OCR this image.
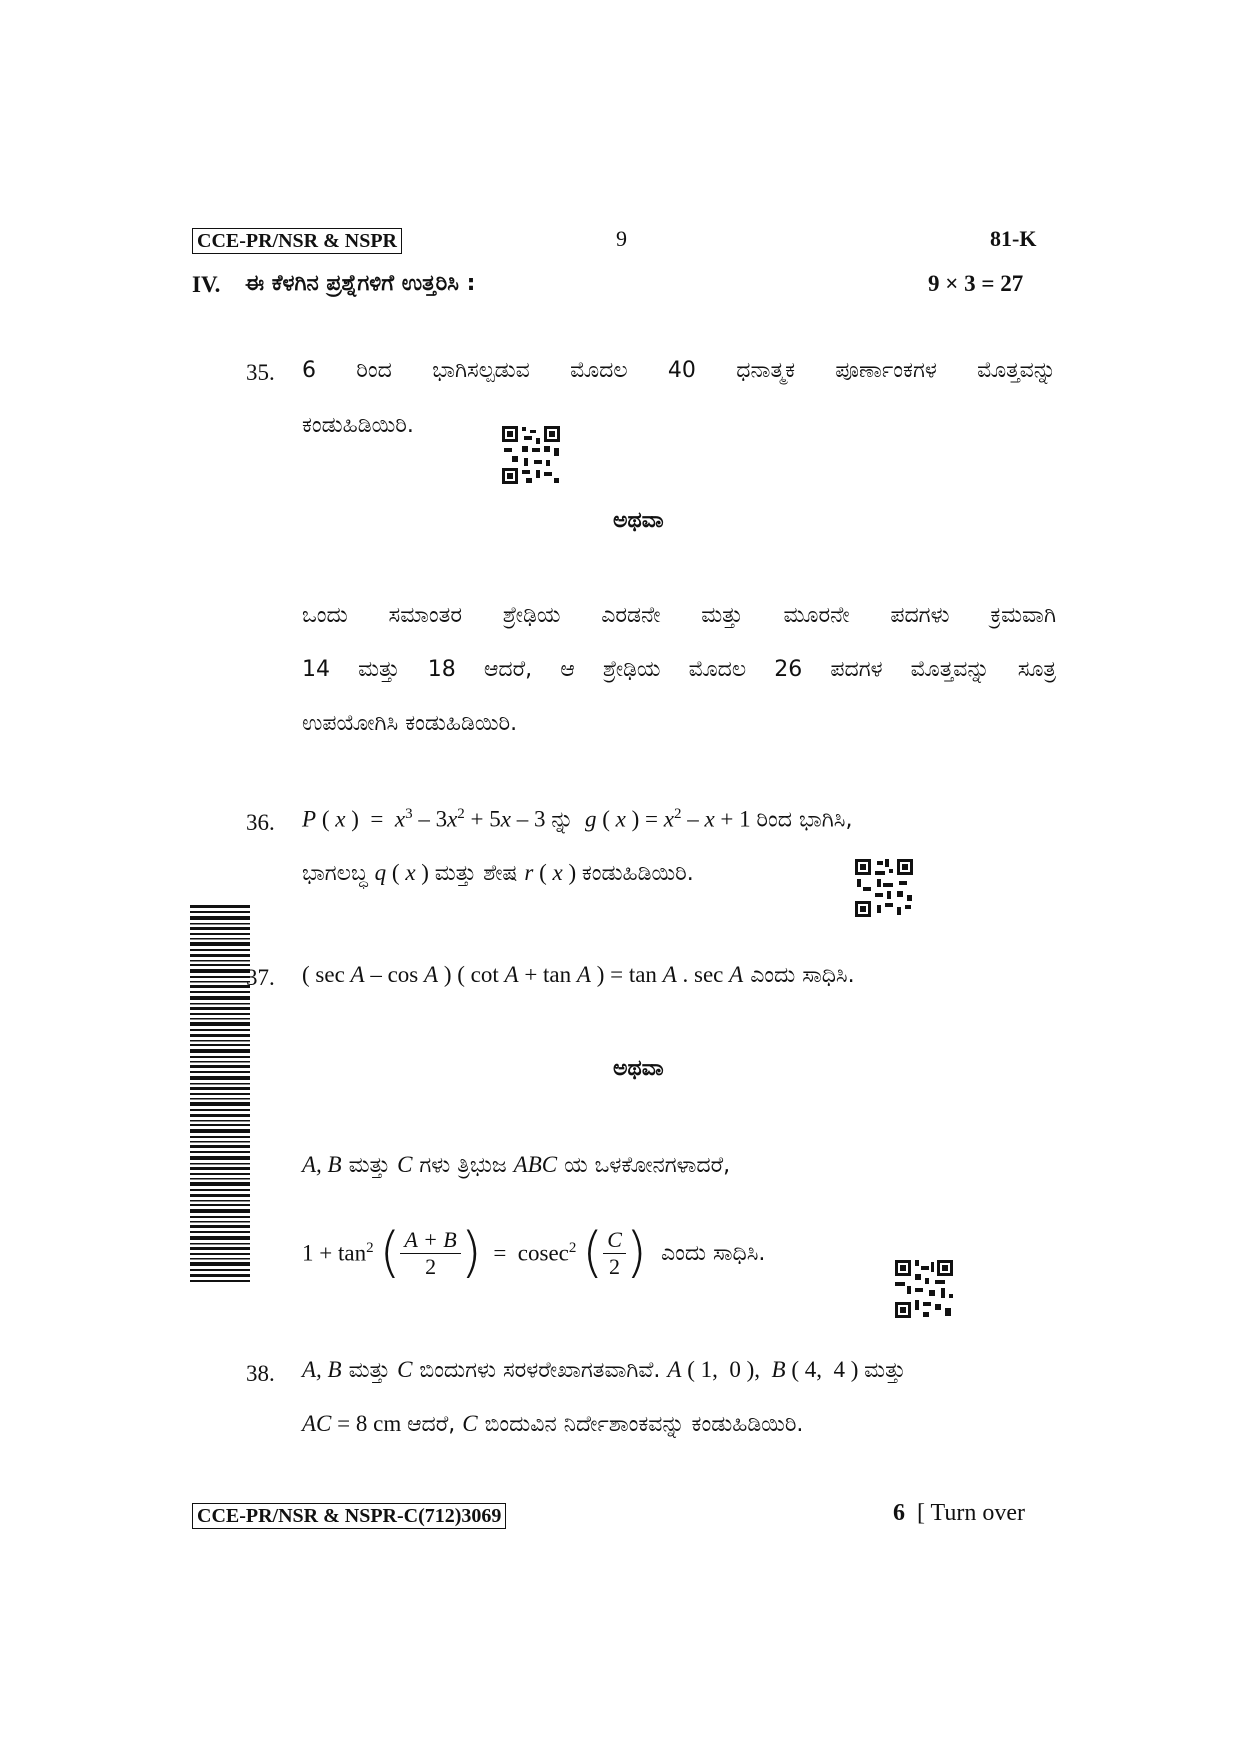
CCE-PR/NSR & NSPR	9	81-K
IV. ಈ ಕೆಳಗಿನ ಪ್ರಶ್ನೆಗಳಿಗೆ ಉತ್ತರಿಸಿ :	9 × 3 = 27
35. 6 ರಿಂದ ಭಾಗಿಸಲ್ಪಡುವ ಮೊದಲ 40 ಧನಾತ್ಮಕ ಪೂರ್ಣಾಂಕಗಳ ಮೊತ್ತವನ್ನು
ಕಂಡುಹಿಡಿಯಿರಿ.
ಅಥವಾ
ಒಂದು ಸಮಾಂತರ ಶ್ರೇಢಿಯ ಎರಡನೇ ಮತ್ತು ಮೂರನೇ ಪದಗಳು ಕ್ರಮವಾಗಿ
14 ಮತ್ತು 18 ಆದರೆ, ಆ ಶ್ರೇಢಿಯ ಮೊದಲ 26 ಪದಗಳ ಮೊತ್ತವನ್ನು ಸೂತ್ರ
ಉಪಯೋಗಿಸಿ ಕಂಡುಹಿಡಿಯಿರಿ.
36. P ( x )  =  $x^3 - 3x^2 + 5x - 3$ ನ್ನು g ( x ) = $x^2 - x + 1$ ರಿಂದ ಭಾಗಿಸಿ,
ಭಾಗಲಬ್ಧ q ( x ) ಮತ್ತು ಶೇಷ r ( x ) ಕಂಡುಹಿಡಿಯಿರಿ.
37. ( sec A – cos A ) ( cot A + tan A ) = tan A . sec A ಎಂದು ಸಾಧಿಸಿ.
ಅಥವಾ
A, B ಮತ್ತು C ಗಳು ತ್ರಿಭುಜ ABC ಯ ಒಳಕೋನಗಳಾದರೆ,
$1 + \tan^2$ ( $\frac{A + B}{2}$ ) =  cosec$^2$ ( $\frac{C}{2}$ )
ಎಂದು ಸಾಧಿಸಿ.
38. A, B ಮತ್ತು C ಬಿಂದುಗಳು ಸರಳರೇಖಾಗತವಾಗಿವೆ. A ( 1,  0 ),  B ( 4,  4 ) ಮತ್ತು
AC = 8 cm ಆದರೆ, C ಬಿಂದುವಿನ ನಿರ್ದೇಶಾಂಕವನ್ನು ಕಂಡುಹಿಡಿಯಿರಿ.
CCE-PR/NSR & NSPR-C(712)3069	6 [ Turn over
